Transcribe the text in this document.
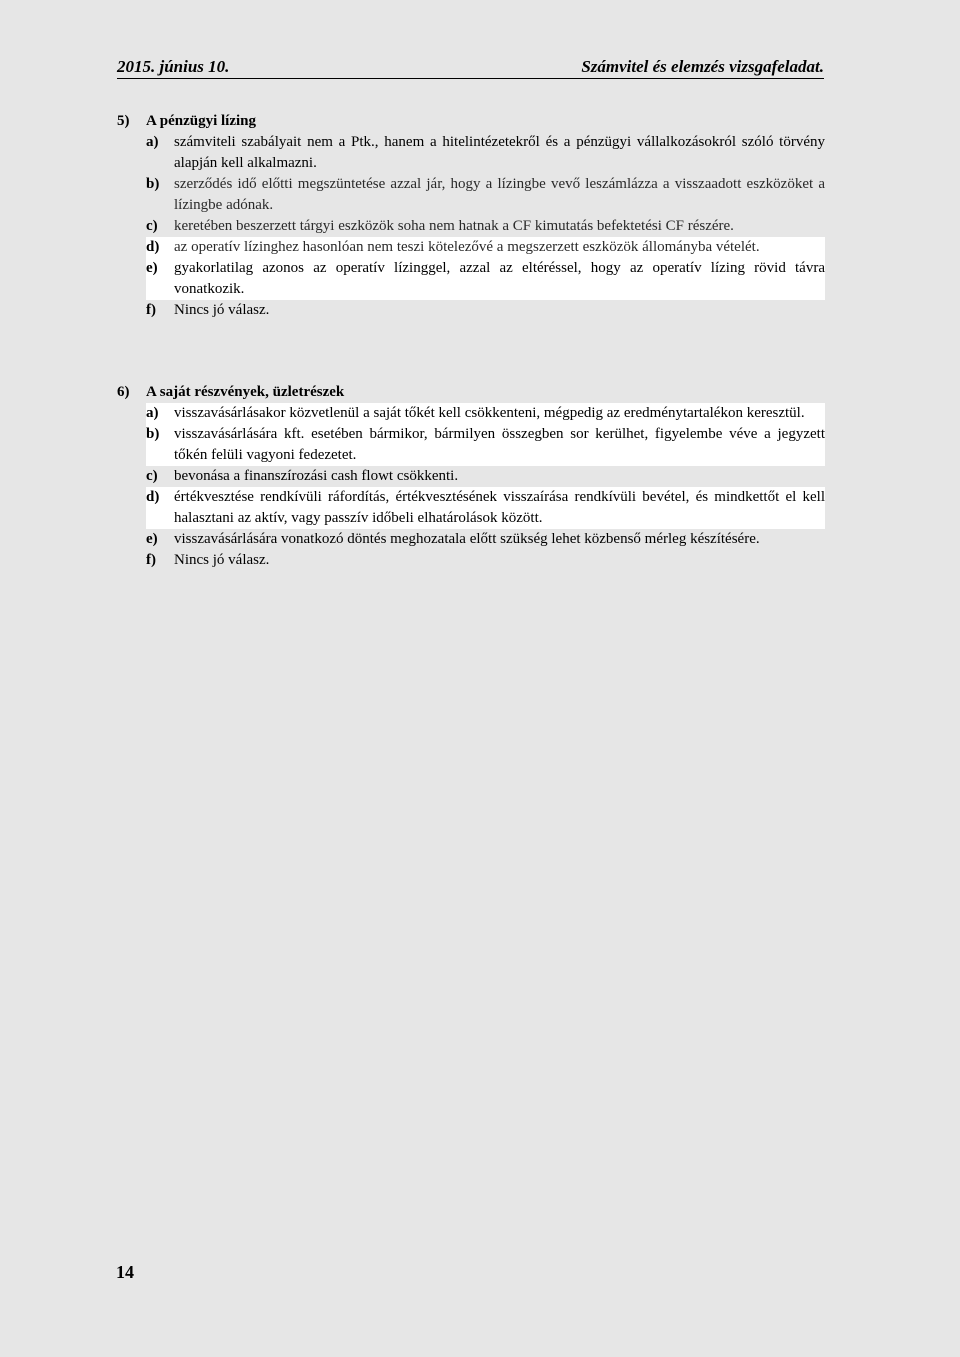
2015. június 10.	Számvitel és elemzés vizsgafeladat.
5) A pénzügyi lízing
a) számviteli szabályait nem a Ptk., hanem a hitelintézetekről és a pénzügyi vállalkozásokról szóló törvény alapján kell alkalmazni.
b) szerződés idő előtti megszüntetése azzal jár, hogy a lízingbe vevő leszámlázza a visszaadott eszközöket a lízingbe adónak.
c) keretében beszerzett tárgyi eszközök soha nem hatnak a CF kimutatás befektetési CF részére.
d) az operatív lízinghez hasonlóan nem teszi kötelezővé a megszerzett eszközök állományba vételét.
e) gyakorlatilag azonos az operatív lízinggel, azzal az eltéréssel, hogy az operatív lízing rövid távra vonatkozik.
f) Nincs jó válasz.
6) A saját részvények, üzletrészek
a) visszavásárlásakor közvetlenül a saját tőkét kell csökkenteni, mégpedig az eredménytartalékon keresztül.
b) visszavásárlására kft. esetében bármikor, bármilyen összegben sor kerülhet, figyelembe véve a jegyzett tőkén felüli vagyoni fedezetet.
c) bevonása a finanszírozási cash flowt csökkenti.
d) értékvesztése rendkívüli ráfordítás, értékvesztésének visszaírása rendkívüli bevétel, és mindkettőt el kell halasztani az aktív, vagy passzív időbeli elhatárolások között.
e) visszavásárlására vonatkozó döntés meghozatala előtt szükség lehet közbenső mérleg készítésére.
f) Nincs jó válasz.
14
